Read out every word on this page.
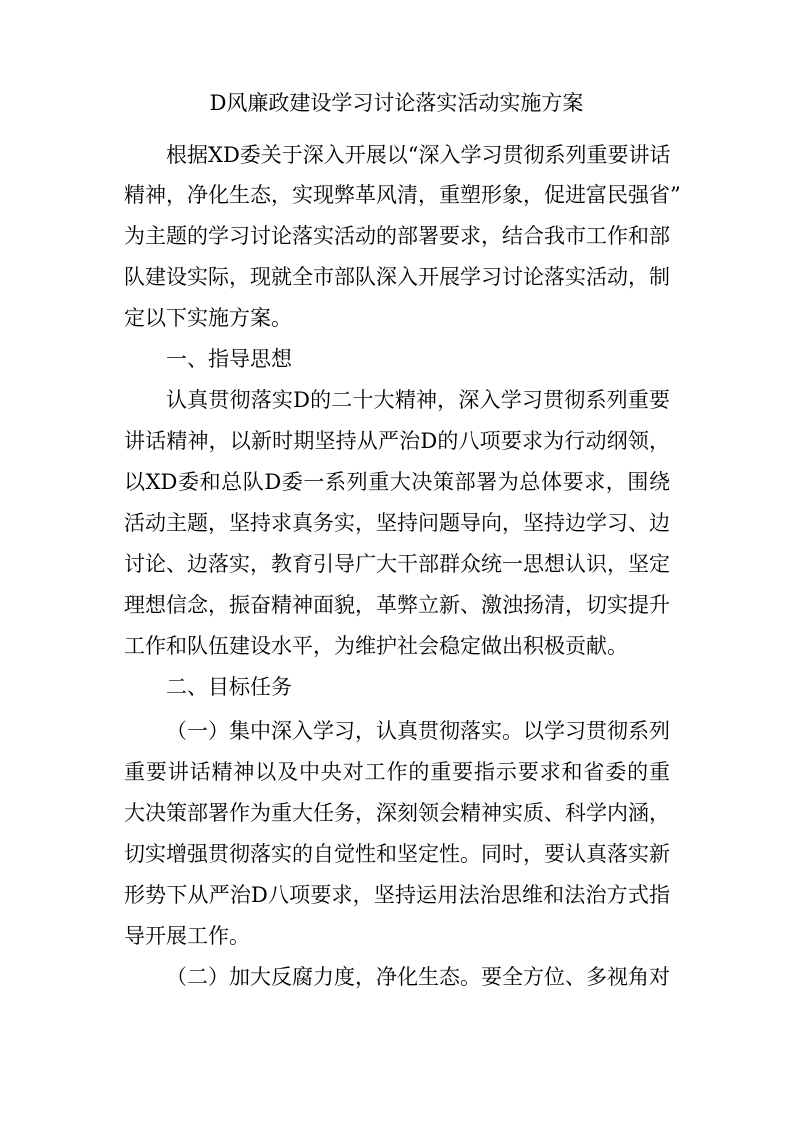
D风廉政建设学习讨论落实活动实施方案
根据XD委关于深入开展以“深入学习贯彻系列重要讲话
精神，净化生态，实现弊革风清，重塑形象，促进富民强省”
为主题的学习讨论落实活动的部署要求，结合我市工作和部
队建设实际，现就全市部队深入开展学习讨论落实活动，制
定以下实施方案。
一、指导思想
认真贯彻落实D的二十大精神，深入学习贯彻系列重要
讲话精神，以新时期坚持从严治D的八项要求为行动纲领，
以XD委和总队D委一系列重大决策部署为总体要求，围绕
活动主题，坚持求真务实，坚持问题导向，坚持边学习、边
讨论、边落实，教育引导广大干部群众统一思想认识，坚定
理想信念，振奋精神面貌，革弊立新、激浊扬清，切实提升
工作和队伍建设水平，为维护社会稳定做出积极贡献。
二、目标任务
（一）集中深入学习，认真贯彻落实。以学习贯彻系列
重要讲话精神以及中央对工作的重要指示要求和省委的重
大决策部署作为重大任务，深刻领会精神实质、科学内涵，
切实增强贯彻落实的自觉性和坚定性。同时，要认真落实新
形势下从严治D八项要求，坚持运用法治思维和法治方式指
导开展工作。
（二）加大反腐力度，净化生态。要全方位、多视角对
